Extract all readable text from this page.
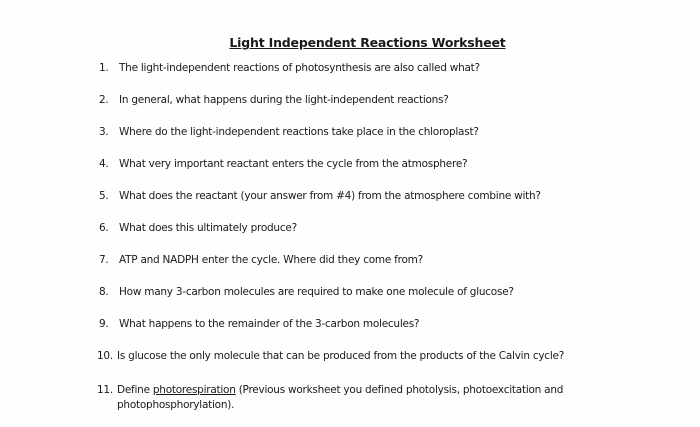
Light Independent Reactions Worksheet
1. The light-independent reactions of photosynthesis are also called what?
2. In general, what happens during the light-independent reactions?
3. Where do the light-independent reactions take place in the chloroplast?
4. What very important reactant enters the cycle from the atmosphere?
5. What does the reactant (your answer from #4) from the atmosphere combine with?
6. What does this ultimately produce?
7. ATP and NADPH enter the cycle. Where did they come from?
8. How many 3-carbon molecules are required to make one molecule of glucose?
9. What happens to the remainder of the 3-carbon molecules?
10. Is glucose the only molecule that can be produced from the products of the Calvin cycle?
11. Define photorespiration (Previous worksheet you defined photolysis, photoexcitation and photophosphorylation).
